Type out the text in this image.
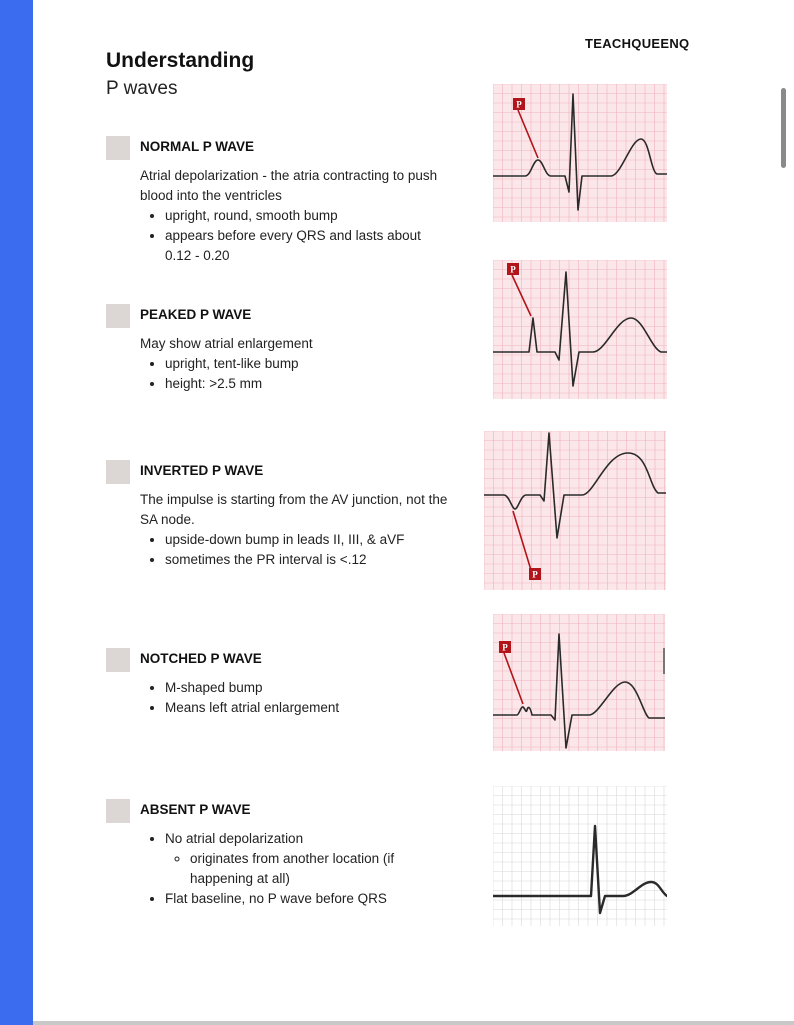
TEACHQUEENQ
Understanding
P waves
NORMAL P WAVE

Atrial depolarization - the atria contracting to push blood into the ventricles

• upright, round, smooth bump
• appears before every QRS and lasts about 0.12 - 0.20
PEAKED P WAVE

May show atrial enlargement

• upright, tent-like bump
• height: >2.5 mm
INVERTED P WAVE

The impulse is starting from the AV junction, not the SA node.

• upside-down bump in leads II, III, & aVF
• sometimes the PR interval is <.12
NOTCHED P WAVE
• M-shaped bump
• Means left atrial enlargement
ABSENT P WAVE
• No atrial depolarization
◦ originates from another location (if happening at all)
• Flat baseline, no P wave before QRS
P
P
P
P
